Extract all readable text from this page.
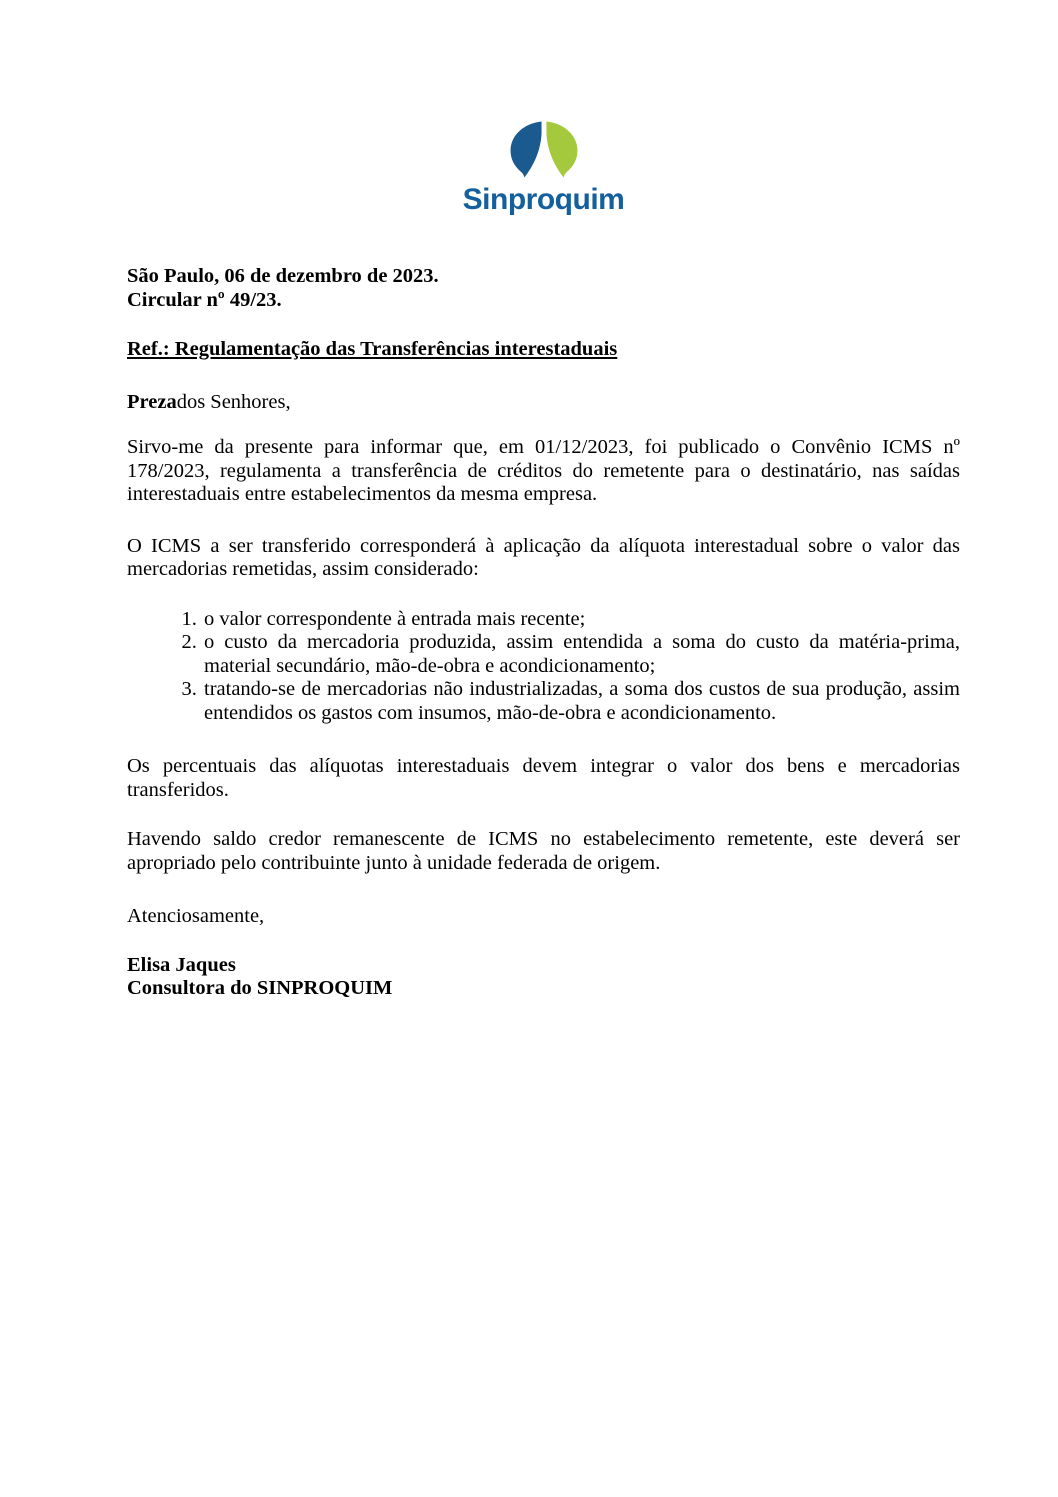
Sinproquim

São Paulo, 06 de dezembro de 2023.

Circular nº 49/23.

Ref.: Regulamentação das Transferências interestaduais

Prezados Senhores,

Sirvo-me da presente para informar que, em 01/12/2023, foi publicado o Convênio ICMS nº 178/2023, regulamenta a transferência de créditos do remetente para o destinatário, nas saídas interestaduais entre estabelecimentos da mesma empresa.

O ICMS a ser transferido corresponderá à aplicação da alíquota interestadual sobre o valor das mercadorias remetidas, assim considerado:

1. o valor correspondente à entrada mais recente;
2. o custo da mercadoria produzida, assim entendida a soma do custo da matéria-prima, material secundário, mão-de-obra e acondicionamento;
3. tratando-se de mercadorias não industrializadas, a soma dos custos de sua produção, assim entendidos os gastos com insumos, mão-de-obra e acondicionamento.

Os percentuais das alíquotas interestaduais devem integrar o valor dos bens e mercadorias transferidos.

Havendo saldo credor remanescente de ICMS no estabelecimento remetente, este deverá ser apropriado pelo contribuinte junto à unidade federada de origem.

Atenciosamente,

Elisa Jaques

Consultora do SINPROQUIM
